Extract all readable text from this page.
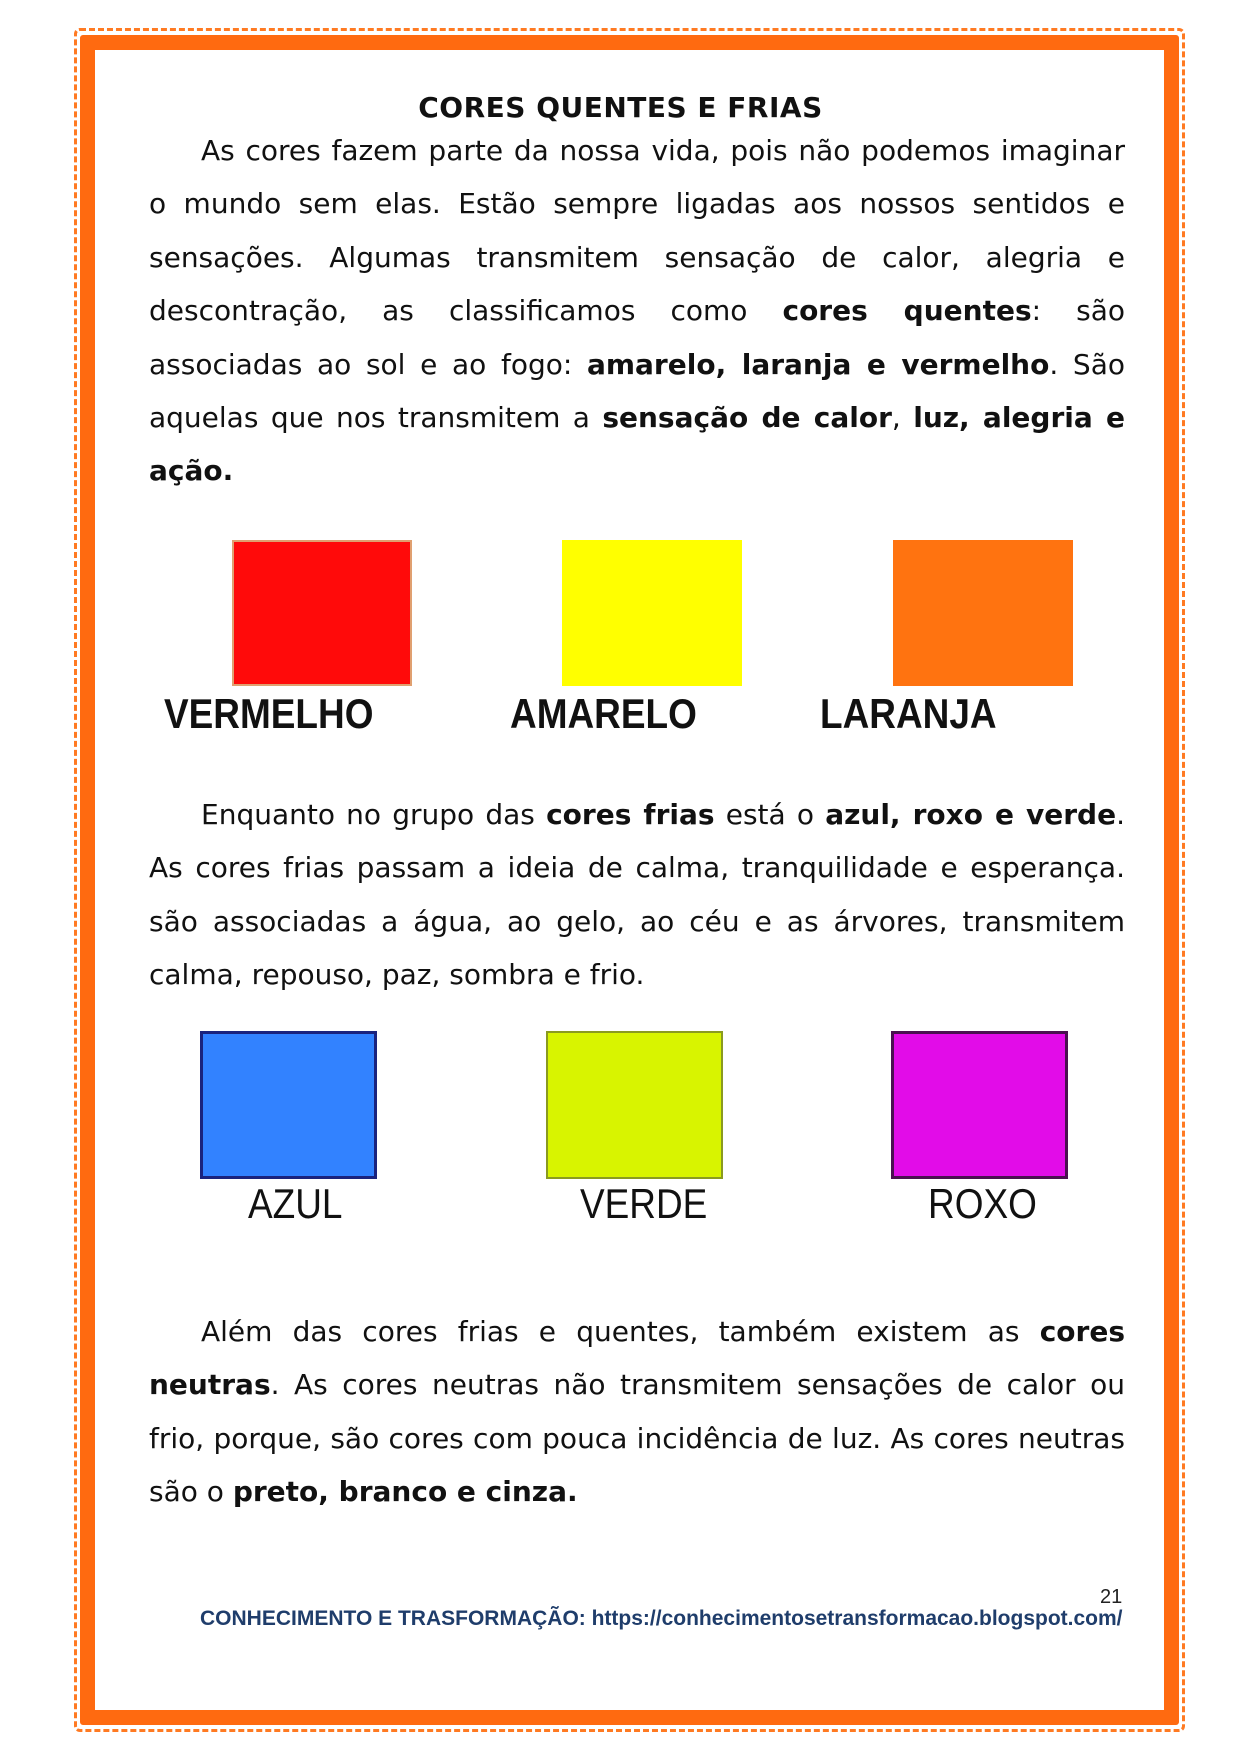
CORES QUENTES E FRIAS

As cores fazem parte da nossa vida, pois não podemos imaginar o mundo sem elas. Estão sempre ligadas aos nossos sentidos e sensações. Algumas transmitem sensação de calor, alegria e descontração, as classificamos como cores quentes: são associadas ao sol e ao fogo: amarelo, laranja e vermelho. São aquelas que nos transmitem a sensação de calor, luz, alegria e ação.

VERMELHO	AMARELO	LARANJA

Enquanto no grupo das cores frias está o azul, roxo e verde. As cores frias passam a ideia de calma, tranquilidade e esperança. são associadas a água, ao gelo, ao céu e as árvores, transmitem calma, repouso, paz, sombra e frio.

AZUL	VERDE	ROXO

Além das cores frias e quentes, também existem as cores neutras. As cores neutras não transmitem sensações de calor ou frio, porque, são cores com pouca incidência de luz. As cores neutras são o preto, branco e cinza.

21
CONHECIMENTO E TRASFORMAÇÃO: https://conhecimentosetransformacao.blogspot.com/
